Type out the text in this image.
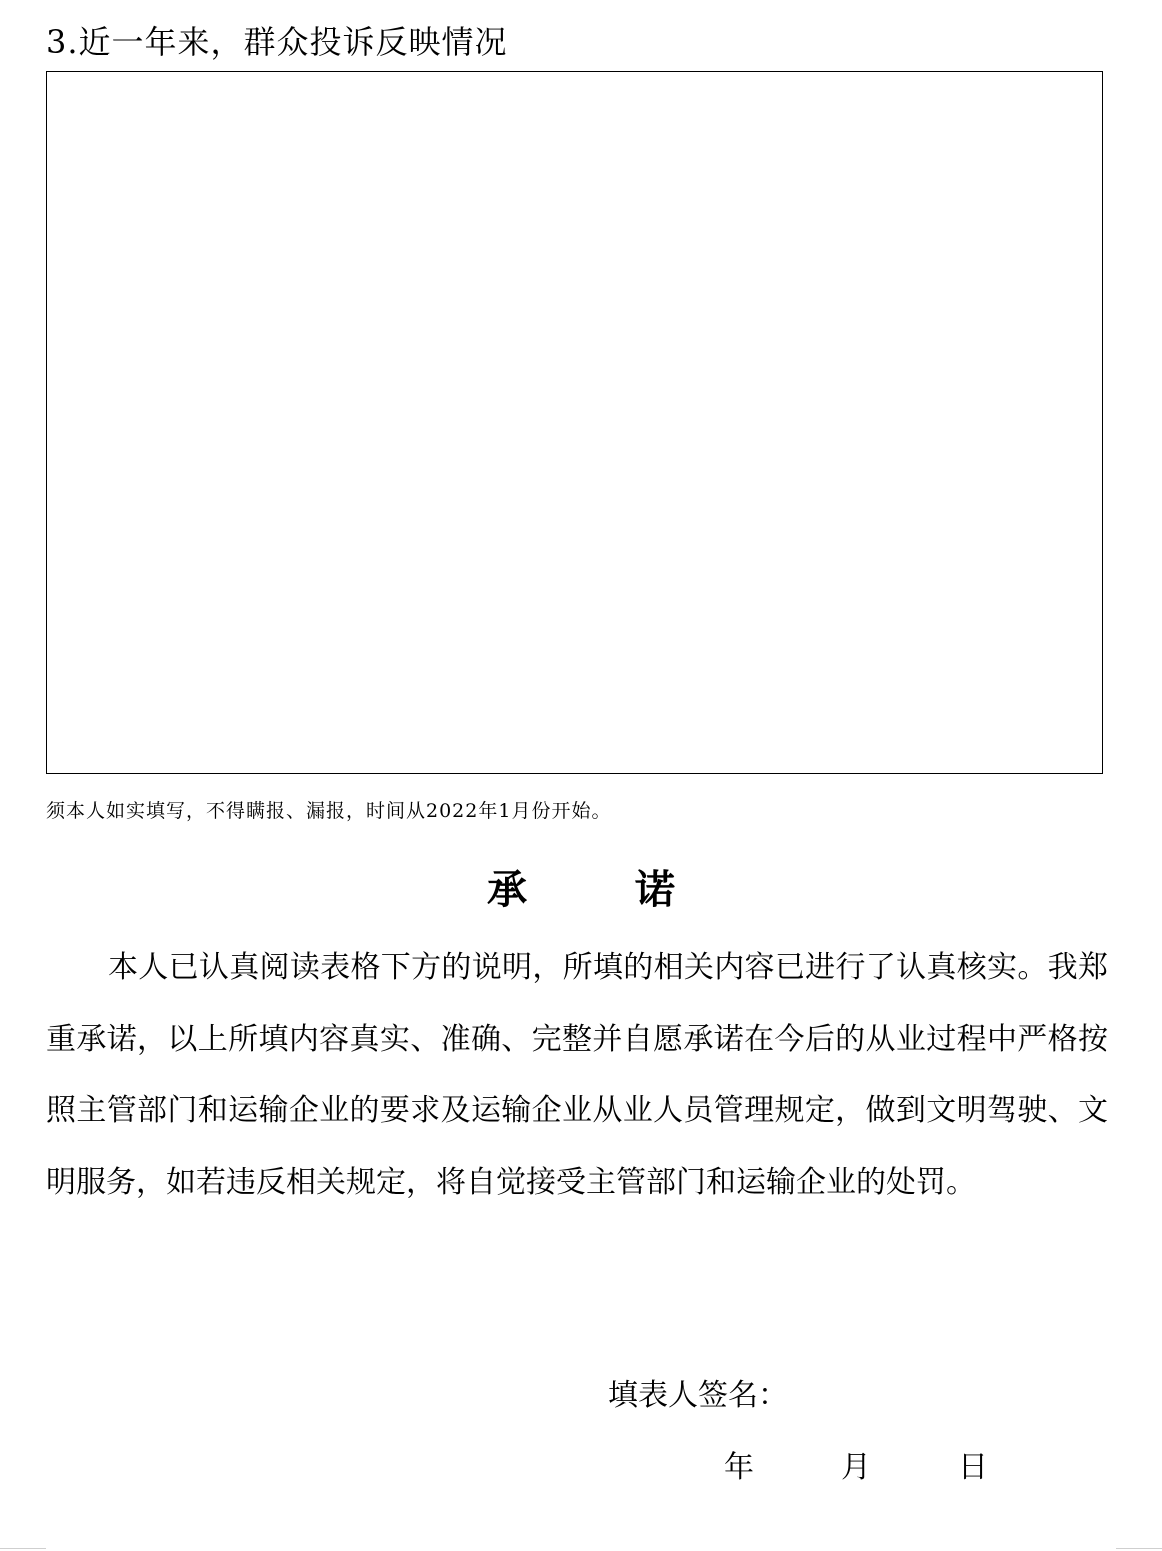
3.近一年来，群众投诉反映情况
须本人如实填写，不得瞒报、漏报，时间从2022年1月份开始。
承	诺

本人已认真阅读表格下方的说明，所填的相关内容已进行了认真核实。我郑重承诺，以上所填内容真实、准确、完整并自愿承诺在今后的从业过程中严格按照主管部门和运输企业的要求及运输企业从业人员管理规定，做到文明驾驶、文明服务，如若违反相关规定，将自觉接受主管部门和运输企业的处罚。

填表人签名：
年	月	日
